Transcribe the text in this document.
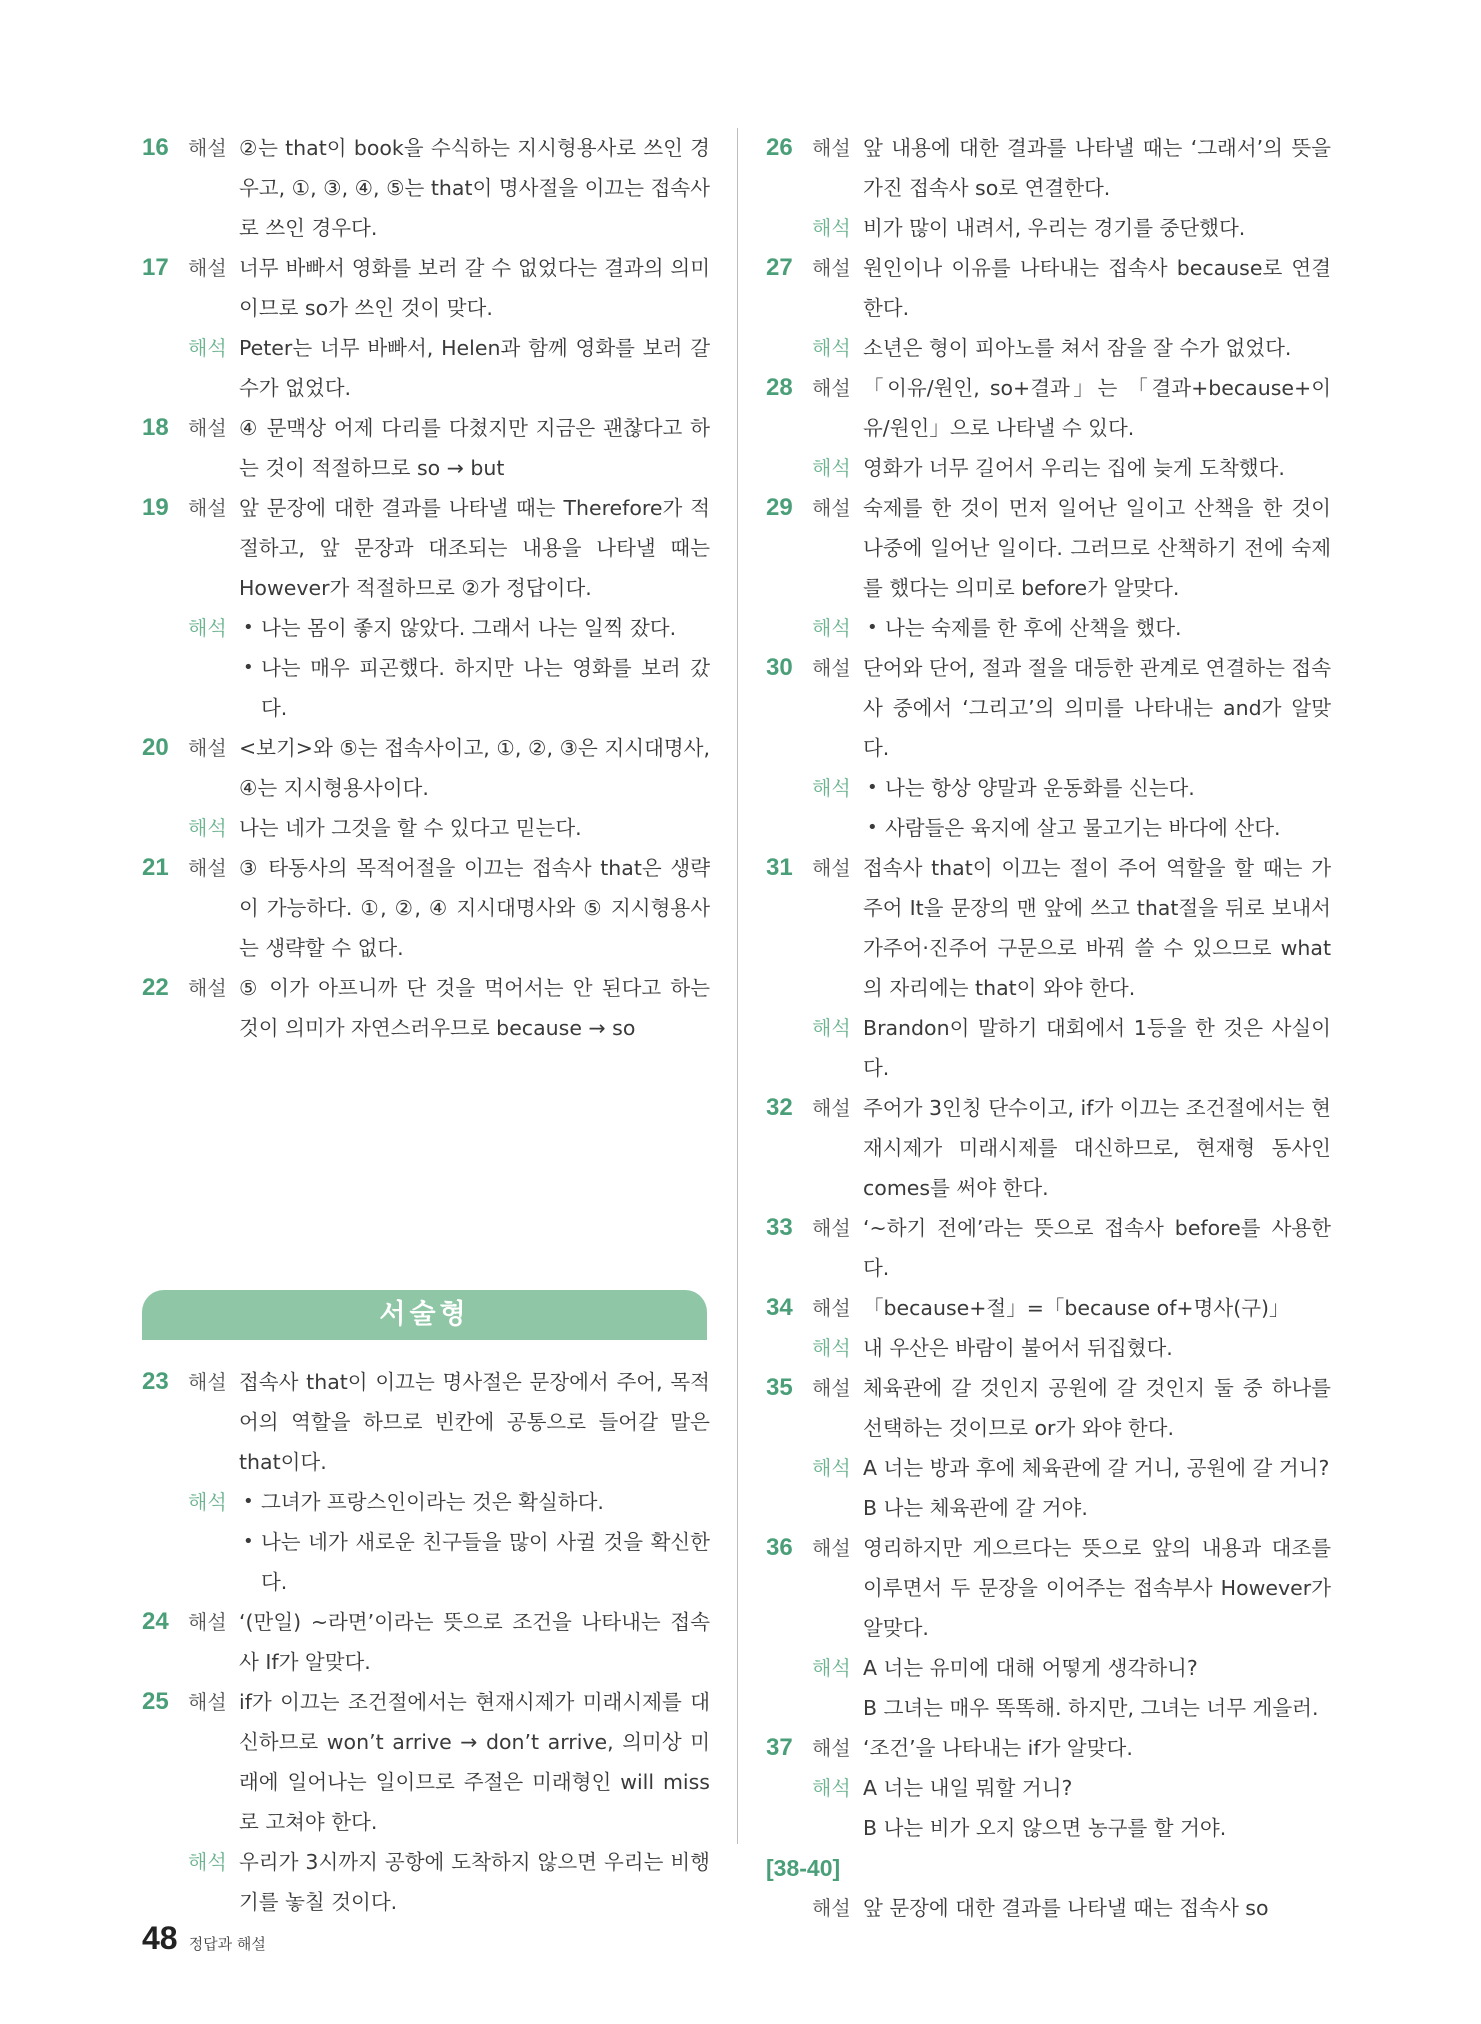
16 해설 ②는 that이 book을 수식하는 지시형용사로 쓰인 경우고, ①, ③, ④, ⑤는 that이 명사절을 이끄는 접속사로 쓰인 경우다.
17 해설 너무 바빠서 영화를 보러 갈 수 없었다는 결과의 의미이므로 so가 쓰인 것이 맞다.
해석 Peter는 너무 바빠서, Helen과 함께 영화를 보러 갈 수가 없었다.
18 해설 ④ 문맥상 어제 다리를 다쳤지만 지금은 괜찮다고 하는 것이 적절하므로 so → but
19 해설 앞 문장에 대한 결과를 나타낼 때는 Therefore가 적절하고, 앞 문장과 대조되는 내용을 나타낼 때는 However가 적절하므로 ②가 정답이다.
해석	• 나는 몸이 좋지 않았다. 그래서 나는 일찍 잤다.
• 나는 매우 피곤했다. 하지만 나는 영화를 보러 갔다.
20 해설 <보기>와 ⑤는 접속사이고, ①, ②, ③은 지시대명사, ④는 지시형용사이다.
해석 나는 네가 그것을 할 수 있다고 믿는다.
21 해설 ③ 타동사의 목적어절을 이끄는 접속사 that은 생략이 가능하다. ①, ②, ④ 지시대명사와 ⑤ 지시형용사는 생략할 수 없다.
22 해설 ⑤ 이가 아프니까 단 것을 먹어서는 안 된다고 하는 것이 의미가 자연스러우므로 because → so
서술형
23 해설 접속사 that이 이끄는 명사절은 문장에서 주어, 목적어의 역할을 하므로 빈칸에 공통으로 들어갈 말은 that이다.
해석	• 그녀가 프랑스인이라는 것은 확실하다.
• 나는 네가 새로운 친구들을 많이 사귈 것을 확신한다.
24 해설 ‘(만일) ~라면’이라는 뜻으로 조건을 나타내는 접속사 If가 알맞다.
25 해설 if가 이끄는 조건절에서는 현재시제가 미래시제를 대신하므로 won’t arrive → don’t arrive, 의미상 미래에 일어나는 일이므로 주절은 미래형인 will miss로 고쳐야 한다.
해석 우리가 3시까지 공항에 도착하지 않으면 우리는 비행기를 놓칠 것이다.
26 해설 앞 내용에 대한 결과를 나타낼 때는 ‘그래서’의 뜻을 가진 접속사 so로 연결한다.
해석 비가 많이 내려서, 우리는 경기를 중단했다.
27 해설 원인이나 이유를 나타내는 접속사 because로 연결한다.
해석 소년은 형이 피아노를 쳐서 잠을 잘 수가 없었다.
28 해설 「이유/원인, so+결과」는 「결과+because+이유/원인」으로 나타낼 수 있다.
해석 영화가 너무 길어서 우리는 집에 늦게 도착했다.
29 해설 숙제를 한 것이 먼저 일어난 일이고 산책을 한 것이 나중에 일어난 일이다. 그러므로 산책하기 전에 숙제를 했다는 의미로 before가 알맞다.
해석	• 나는 숙제를 한 후에 산책을 했다.
30 해설 단어와 단어, 절과 절을 대등한 관계로 연결하는 접속사 중에서 ‘그리고’의 의미를 나타내는 and가 알맞다.
해석	• 나는 항상 양말과 운동화를 신는다.
• 사람들은 육지에 살고 물고기는 바다에 산다.
31 해설 접속사 that이 이끄는 절이 주어 역할을 할 때는 가주어 It을 문장의 맨 앞에 쓰고 that절을 뒤로 보내서 가주어·진주어 구문으로 바꿔 쓸 수 있으므로 what의 자리에는 that이 와야 한다.
해석 Brandon이 말하기 대회에서 1등을 한 것은 사실이다.
32 해설 주어가 3인칭 단수이고, if가 이끄는 조건절에서는 현재시제가 미래시제를 대신하므로, 현재형 동사인 comes를 써야 한다.
33 해설 ‘~하기 전에’라는 뜻으로 접속사 before를 사용한다.
34 해설 「because+절」=「because of+명사(구)」
해석 내 우산은 바람이 불어서 뒤집혔다.
35 해설 체육관에 갈 것인지 공원에 갈 것인지 둘 중 하나를 선택하는 것이므로 or가 와야 한다.
해석 A 너는 방과 후에 체육관에 갈 거니, 공원에 갈 거니?
B 나는 체육관에 갈 거야.
36 해설 영리하지만 게으르다는 뜻으로 앞의 내용과 대조를 이루면서 두 문장을 이어주는 접속부사 However가 알맞다.
해석 A 너는 유미에 대해 어떻게 생각하니?
B 그녀는 매우 똑똑해. 하지만, 그녀는 너무 게을러.
37 해설 ‘조건’을 나타내는 if가 알맞다.
해석 A 너는 내일 뭐할 거니?
B 나는 비가 오지 않으면 농구를 할 거야.
[38-40]
해설 앞 문장에 대한 결과를 나타낼 때는 접속사 so
48 정답과 해설
